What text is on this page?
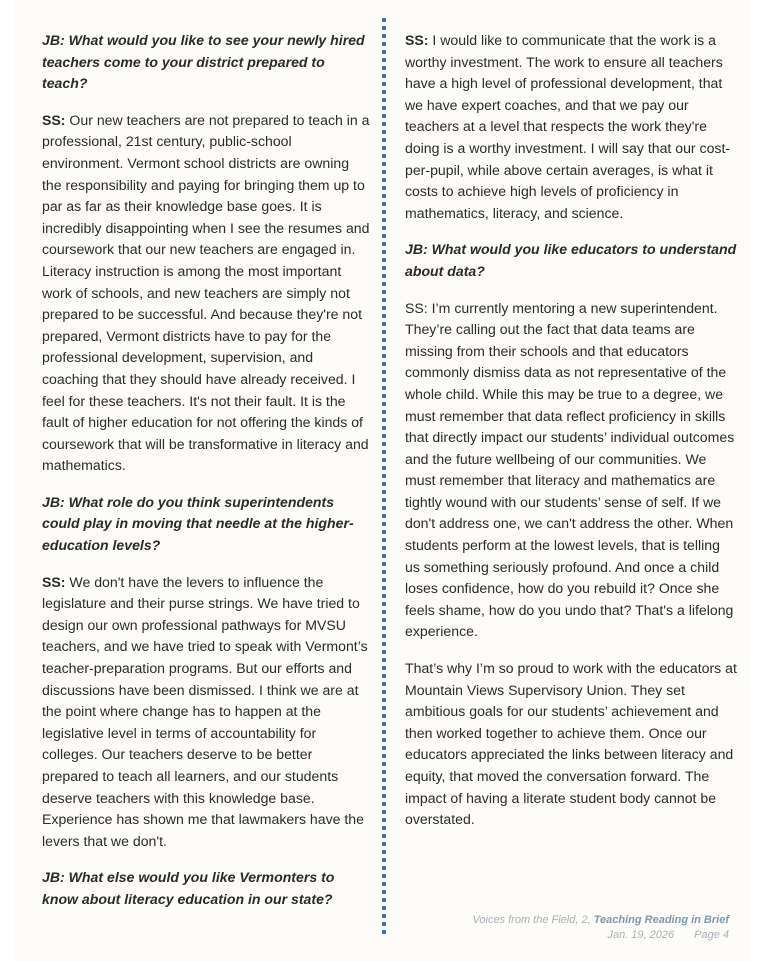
JB: What would you like to see your newly hired teachers come to your district prepared to teach?

SS: Our new teachers are not prepared to teach in a professional, 21st century, public-school environment. Vermont school districts are owning the responsibility and paying for bringing them up to par as far as their knowledge base goes. It is incredibly disappointing when I see the resumes and coursework that our new teachers are engaged in. Literacy instruction is among the most important work of schools, and new teachers are simply not prepared to be successful. And because they're not prepared, Vermont districts have to pay for the professional development, supervision, and coaching that they should have already received. I feel for these teachers. It's not their fault. It is the fault of higher education for not offering the kinds of coursework that will be transformative in literacy and mathematics.

JB: What role do you think superintendents could play in moving that needle at the higher-education levels?

SS: We don't have the levers to influence the legislature and their purse strings. We have tried to design our own professional pathways for MVSU teachers, and we have tried to speak with Vermont’s teacher-preparation programs. But our efforts and discussions have been dismissed. I think we are at the point where change has to happen at the legislative level in terms of accountability for colleges. Our teachers deserve to be better prepared to teach all learners, and our students deserve teachers with this knowledge base. Experience has shown me that lawmakers have the levers that we don't.

JB: What else would you like Vermonters to know about literacy education in our state?

SS: I would like to communicate that the work is a worthy investment. The work to ensure all teachers have a high level of professional development, that we have expert coaches, and that we pay our teachers at a level that respects the work they're doing is a worthy investment. I will say that our cost-per-pupil, while above certain averages, is what it costs to achieve high levels of proficiency in mathematics, literacy, and science.

JB: What would you like educators to understand about data?

SS: I’m currently mentoring a new superintendent. They’re calling out the fact that data teams are missing from their schools and that educators commonly dismiss data as not representative of the whole child. While this may be true to a degree, we must remember that data reflect proficiency in skills that directly impact our students’ individual outcomes and the future wellbeing of our communities. We must remember that literacy and mathematics are tightly wound with our students’ sense of self. If we don't address one, we can't address the other. When students perform at the lowest levels, that is telling us something seriously profound. And once a child loses confidence, how do you rebuild it? Once she feels shame, how do you undo that? That's a lifelong experience.

That’s why I’m so proud to work with the educators at Mountain Views Supervisory Union. They set ambitious goals for our students’ achievement and then worked together to achieve them. Once our educators appreciated the links between literacy and equity, that moved the conversation forward. The impact of having a literate student body cannot be overstated.

Voices from the Field, 2, Teaching Reading in Brief
Jan. 19, 2026 Page 4
